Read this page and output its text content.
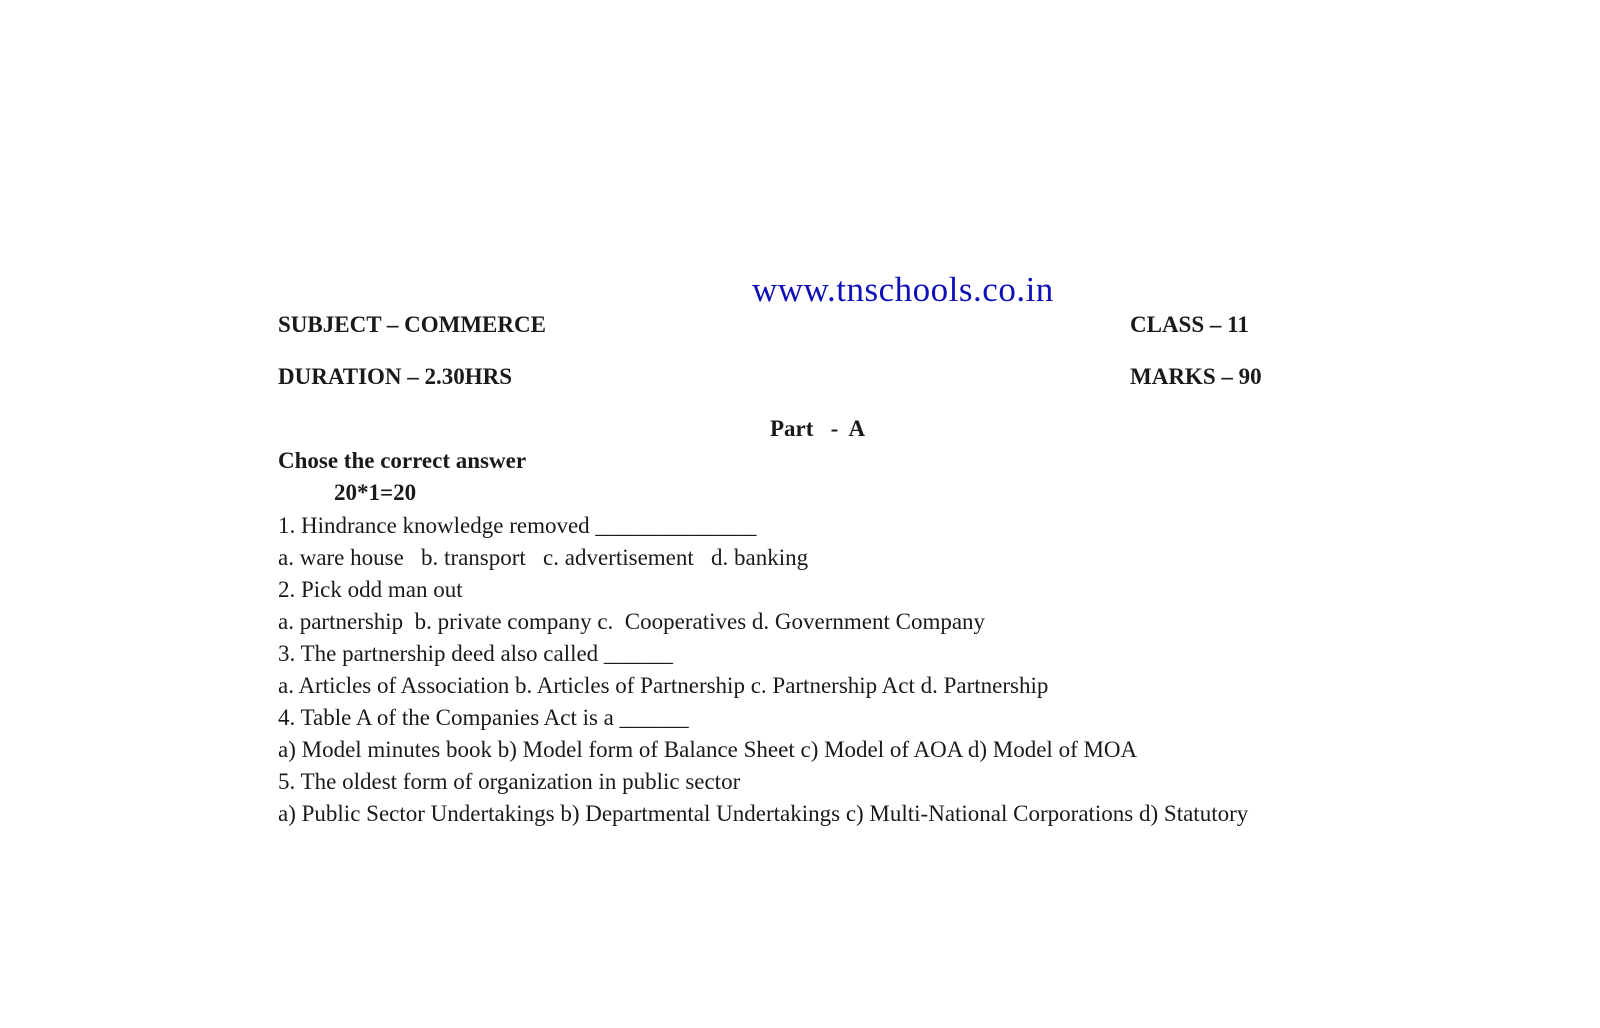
www.tnschools.co.in
SUBJECT – COMMERCE	CLASS – 11
DURATION – 2.30HRS	MARKS – 90
Part   -  A
Chose the correct answer
20*1=20
1. Hindrance knowledge removed ______________
a. ware house   b. transport   c. advertisement   d. banking
2. Pick odd man out
a. partnership  b. private company c.  Cooperatives d. Government Company
3. The partnership deed also called ______
a. Articles of Association b. Articles of Partnership c. Partnership Act d. Partnership
4. Table A of the Companies Act is a ______
a) Model minutes book b) Model form of Balance Sheet c) Model of AOA d) Model of MOA
5. The oldest form of organization in public sector
a) Public Sector Undertakings b) Departmental Undertakings c) Multi-National Corporations d) Statutory
